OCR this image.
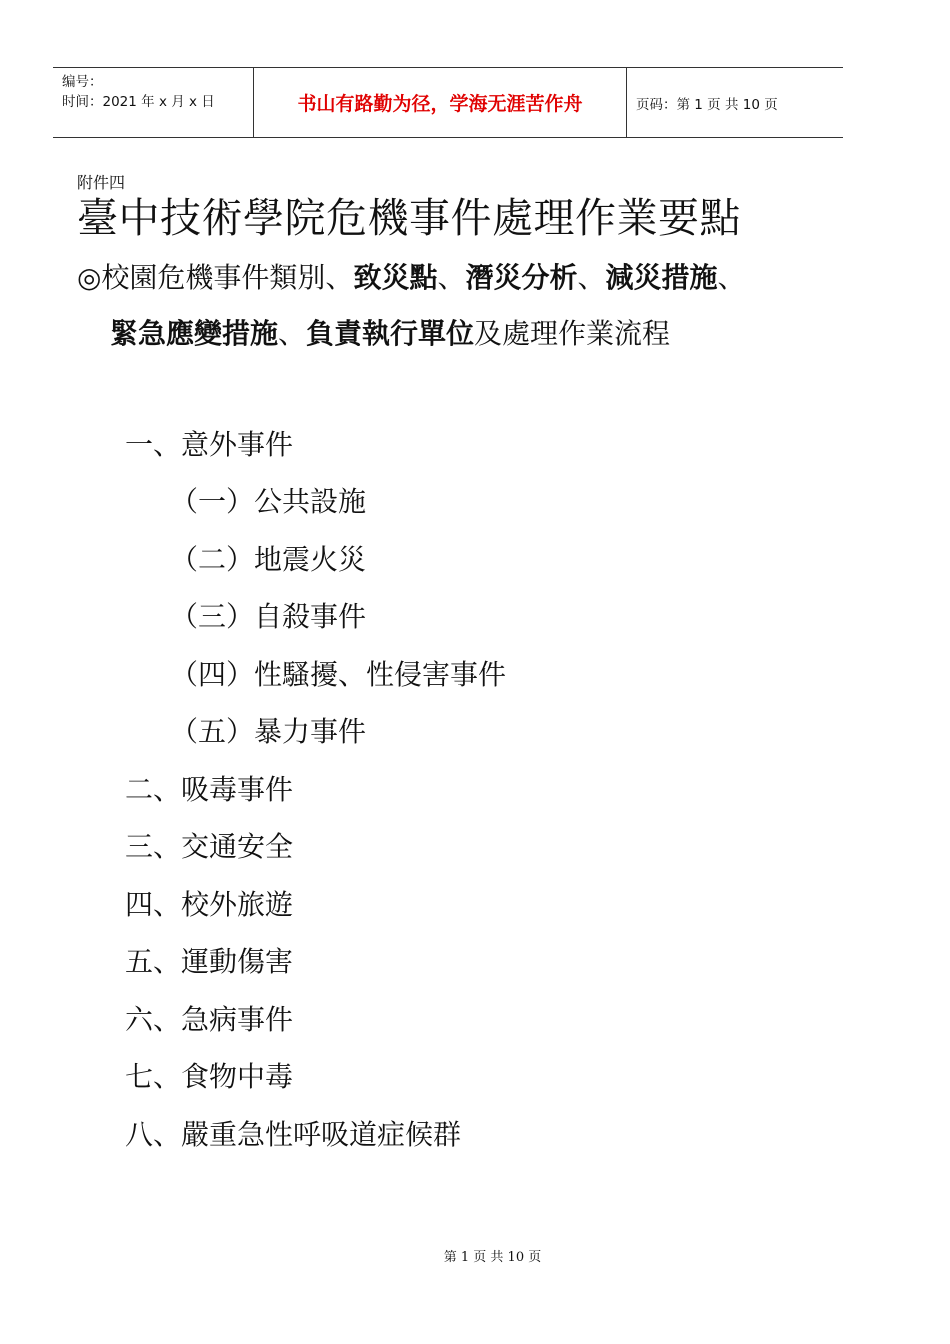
编号：
时间：2021 年 x 月 x 日	书山有路勤为径，学海无涯苦作舟	页码：第 1 页 共 10 页
附件四
臺中技術學院危機事件處理作業要點
◎校園危機事件類別、致災點、潛災分析、減災措施、
緊急應變措施、負責執行單位及處理作業流程
一、意外事件
（一）公共設施
（二）地震火災
（三）自殺事件
（四）性騷擾、性侵害事件
（五）暴力事件
二、吸毒事件
三、交通安全
四、校外旅遊
五、運動傷害
六、急病事件
七、食物中毒
八、嚴重急性呼吸道症候群
第 1 页 共 10 页
